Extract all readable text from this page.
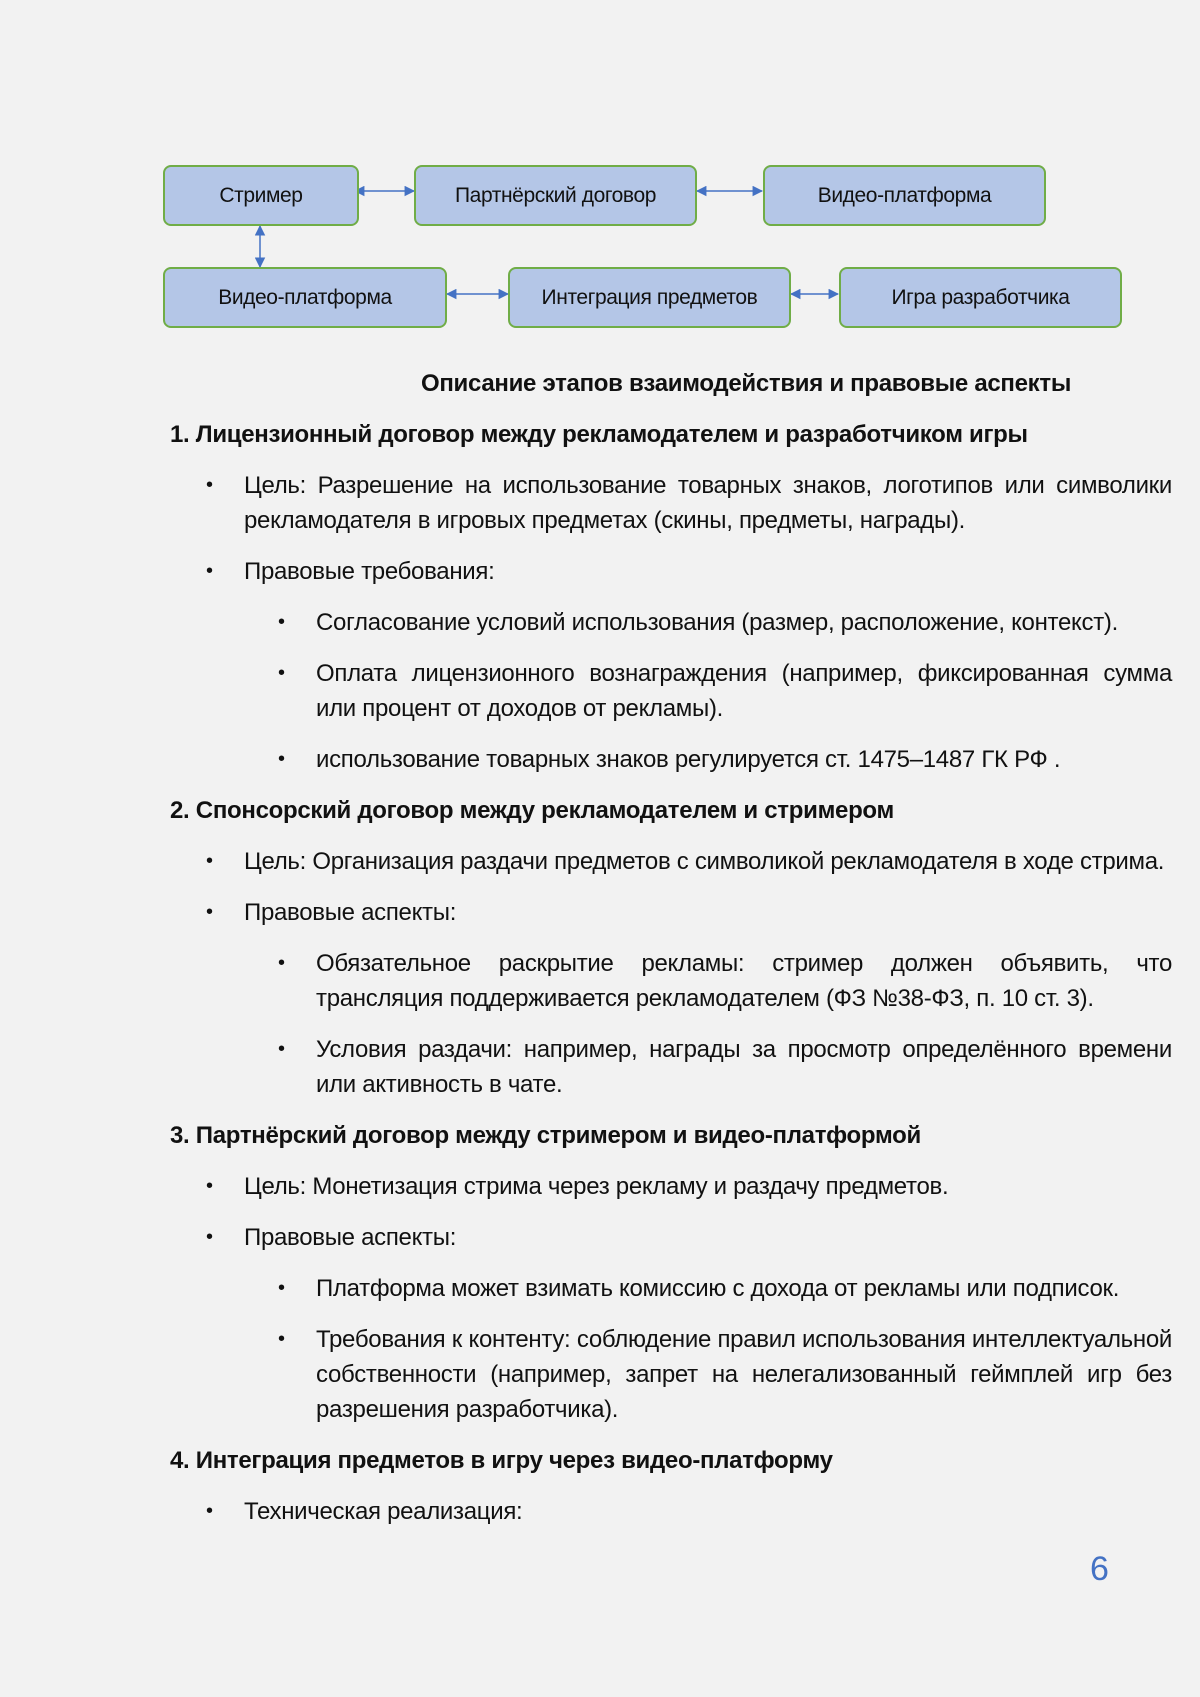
Стример	Партнёрский договор	Видео-платформа
Видео-платформа	Интеграция предметов	Игра разработчика

Описание этапов взаимодействия и правовые аспекты

1. Лицензионный договор между рекламодателем и разработчиком игры

• Цель: Разрешение на использование товарных знаков, логотипов или символики рекламодателя в игровых предметах (скины, предметы, награды).

• Правовые требования:

• Согласование условий использования (размер, расположение, контекст).

• Оплата лицензионного вознаграждения (например, фиксированная сумма или процент от доходов от рекламы).

• использование товарных знаков регулируется ст. 1475–1487 ГК РФ .

2. Спонсорский договор между рекламодателем и стримером

• Цель: Организация раздачи предметов с символикой рекламодателя в ходе стрима.

• Правовые аспекты:

• Обязательное раскрытие рекламы: стример должен объявить, что трансляция поддерживается рекламодателем (ФЗ №38-ФЗ, п. 10 ст. 3).

• Условия раздачи: например, награды за просмотр определённого времени или активность в чате.

3. Партнёрский договор между стримером и видео-платформой

• Цель: Монетизация стрима через рекламу и раздачу предметов.

• Правовые аспекты:

• Платформа может взимать комиссию с дохода от рекламы или подписок.

• Требования к контенту: соблюдение правил использования интеллектуальной собственности (например, запрет на нелегализованный геймплей игр без разрешения разработчика).

4. Интеграция предметов в игру через видео-платформу

• Техническая реализация:

6
